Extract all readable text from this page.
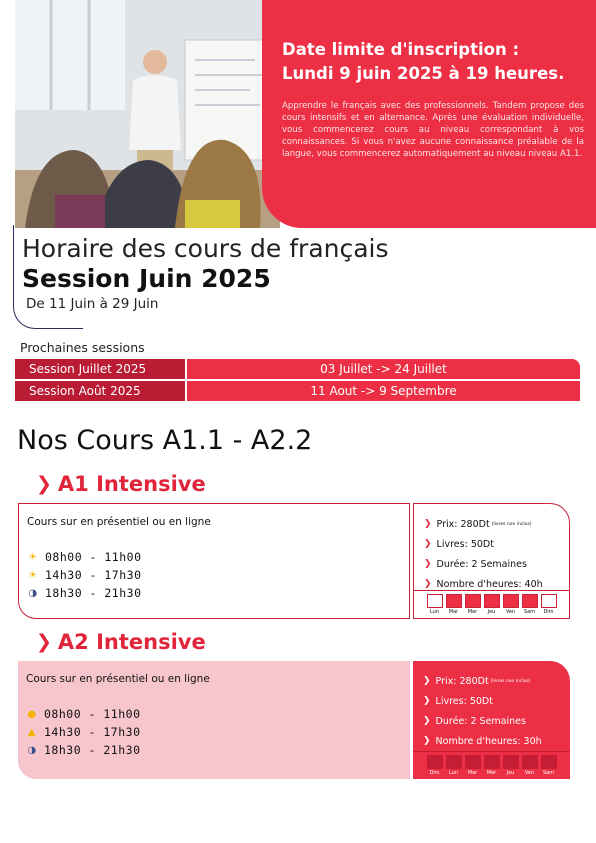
Date limite d'inscription :
Lundi 9 juin 2025 à 19 heures.
Apprendre le français avec des professionnels. Tandem propose des cours intensifs et en alternance. Après une évaluation individuelle, vous commencerez cours au niveau correspondant à vos connaissances. Si vous n'avez aucune connaissance préalable de la langue, vous commencerez automatiquement au niveau niveau A1.1.
Horaire des cours de français
Session Juin 2025
De 11 Juin à 29 Juin
Prochaines sessions
Session Juillet 2025	03 Juillet -> 24 Juillet
Session Août 2025	11 Aout -> 9 Septembre
Nos Cours A1.1 - A2.2
❯ A1 Intensive
Cours sur en présentiel ou en ligne
☀ 08h00 - 11h00
☀ 14h30 - 17h30
◑ 18h30 - 21h30
❯ Prix: 280Dt (livres non inclus)
❯ Livres: 50Dt
❯ Durée: 2 Semaines
❯ Nombre d'heures: 40h
Lun Mar Mer Jeu Ven Sam Dim
❯ A2 Intensive
Cours sur en présentiel ou en ligne
● 08h00 - 11h00
▲ 14h30 - 17h30
◑ 18h30 - 21h30
❯ Prix: 280Dt (livres non inclus)
❯ Livres: 50Dt
❯ Durée: 2 Semaines
❯ Nombre d'heures: 30h
Dim Lun Mar Mer Jeu Ven Sam
